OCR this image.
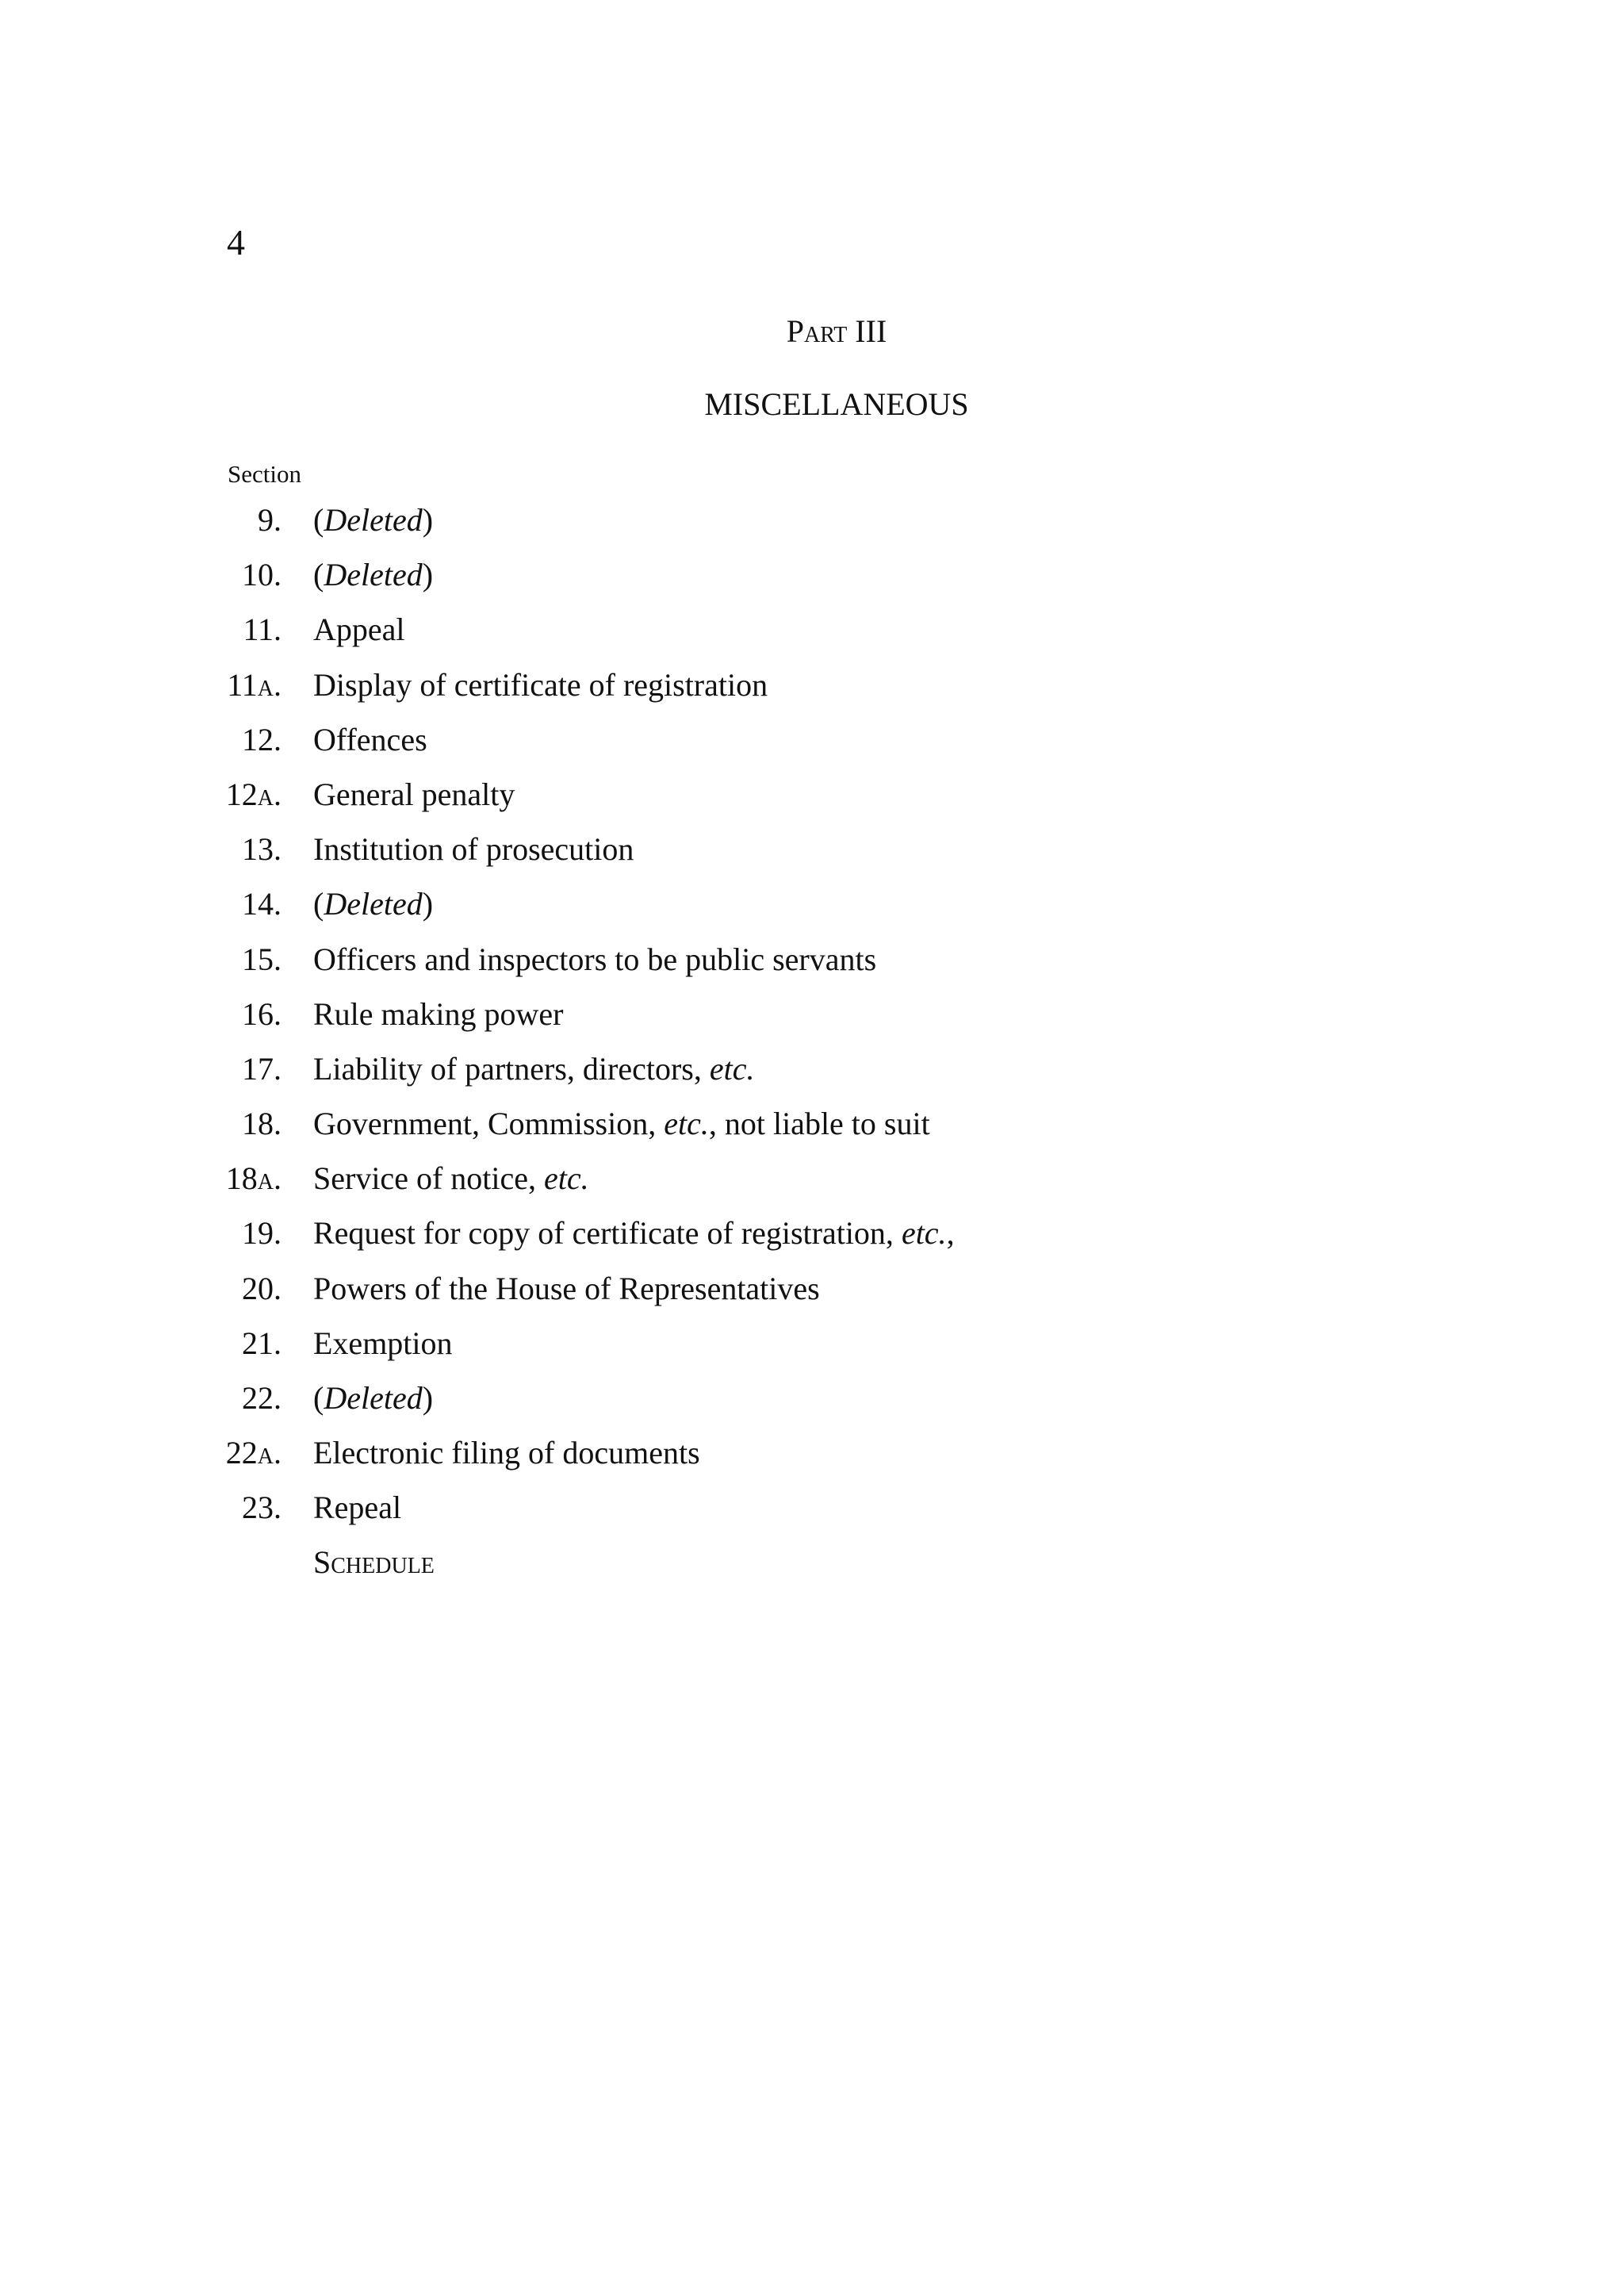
4
Part III
MISCELLANEOUS
Section
9.	(Deleted)
10.	(Deleted)
11.	Appeal
11a.	Display of certificate of registration
12.	Offences
12a.	General penalty
13.	Institution of prosecution
14.	(Deleted)
15.	Officers and inspectors to be public servants
16.	Rule making power
17.	Liability of partners, directors, etc.
18.	Government, Commission, etc., not liable to suit
18a.	Service of notice, etc.
19.	Request for copy of certificate of registration, etc.,
20.	Powers of the House of Representatives
21.	Exemption
22.	(Deleted)
22a.	Electronic filing of documents
23.	Repeal
Schedule
